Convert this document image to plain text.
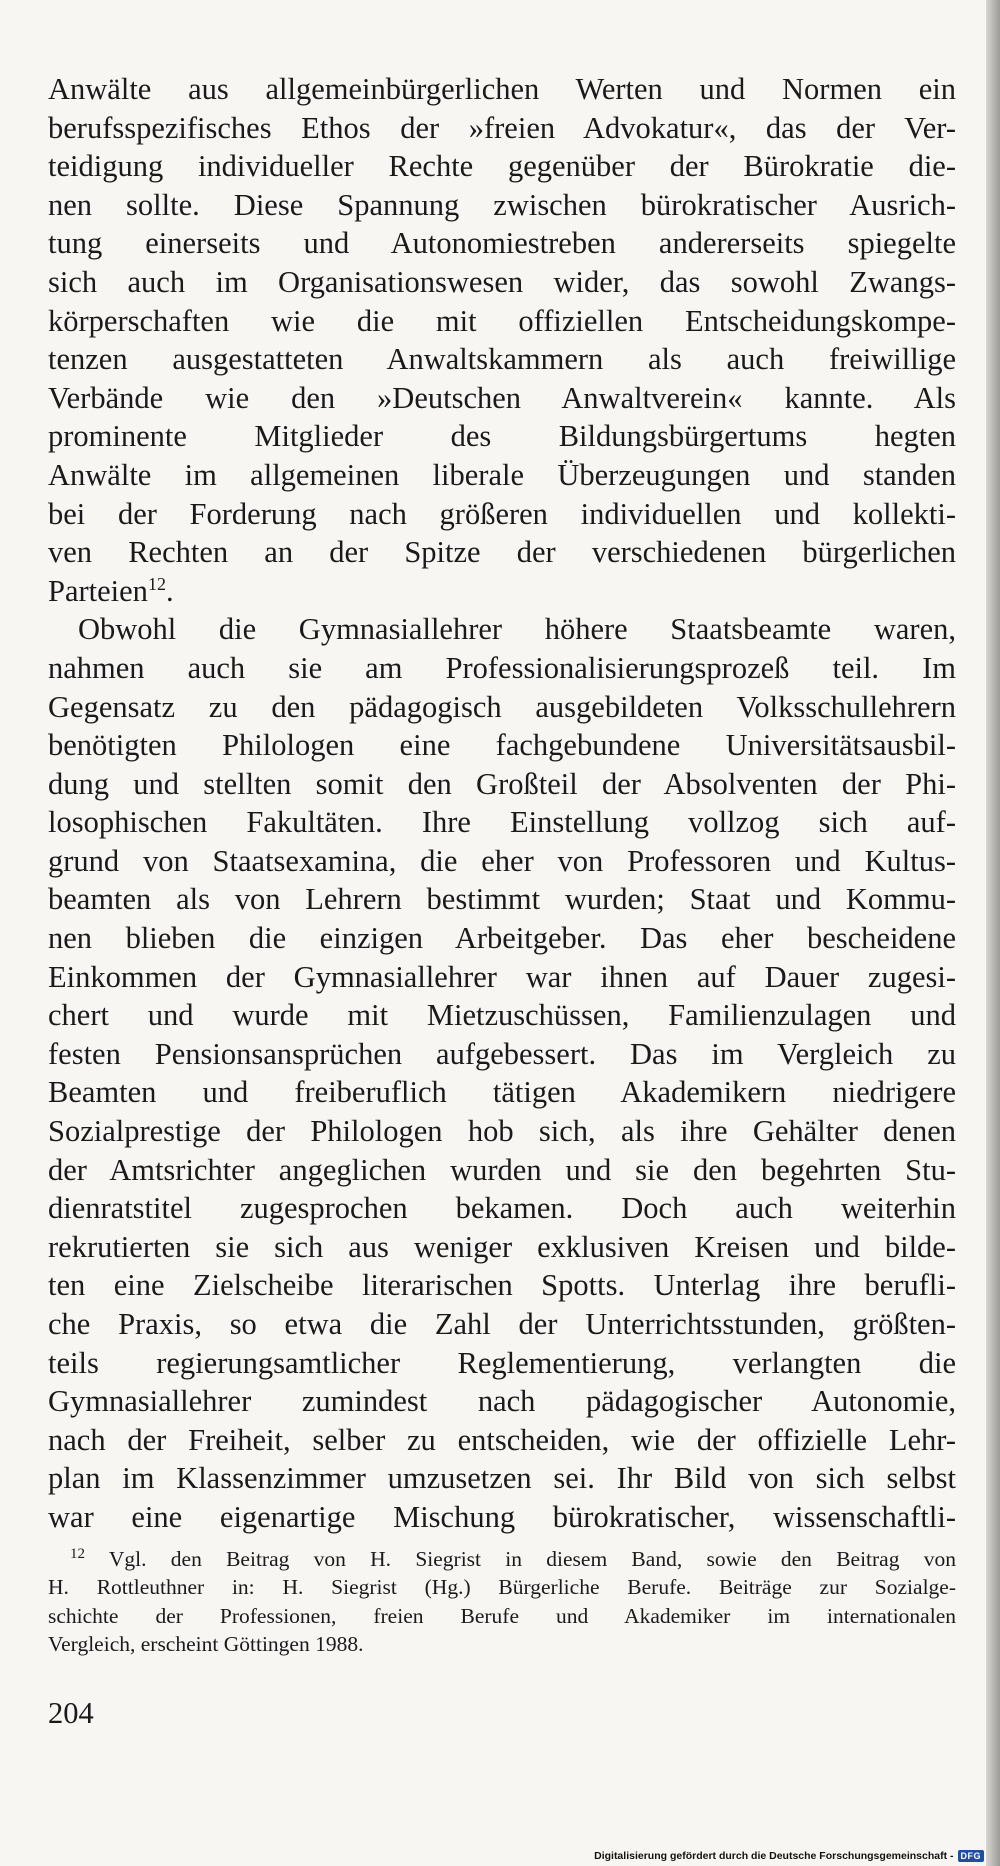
Anwälte aus allgemeinbürgerlichen Werten und Normen ein
berufsspezifisches Ethos der »freien Advokatur«, das der Ver-
teidigung individueller Rechte gegenüber der Bürokratie die-
nen sollte. Diese Spannung zwischen bürokratischer Ausrich-
tung einerseits und Autonomiestreben andererseits spiegelte
sich auch im Organisationswesen wider, das sowohl Zwangs-
körperschaften wie die mit offiziellen Entscheidungskompe-
tenzen ausgestatteten Anwaltskammern als auch freiwillige
Verbände wie den »Deutschen Anwaltverein« kannte. Als
prominente Mitglieder des Bildungsbürgertums hegten
Anwälte im allgemeinen liberale Überzeugungen und standen
bei der Forderung nach größeren individuellen und kollekti-
ven Rechten an der Spitze der verschiedenen bürgerlichen
Parteien$^{12}$.

Obwohl die Gymnasiallehrer höhere Staatsbeamte waren,
nahmen auch sie am Professionalisierungsprozeß teil. Im
Gegensatz zu den pädagogisch ausgebildeten Volksschullehrern
benötigten Philologen eine fachgebundene Universitätsausbil-
dung und stellten somit den Großteil der Absolventen der Phi-
losophischen Fakultäten. Ihre Einstellung vollzog sich auf-
grund von Staatsexamina, die eher von Professoren und Kultus-
beamten als von Lehrern bestimmt wurden; Staat und Kommu-
nen blieben die einzigen Arbeitgeber. Das eher bescheidene
Einkommen der Gymnasiallehrer war ihnen auf Dauer zugesi-
chert und wurde mit Mietzuschüssen, Familienzulagen und
festen Pensionsansprüchen aufgebessert. Das im Vergleich zu
Beamten und freiberuflich tätigen Akademikern niedrigere
Sozialprestige der Philologen hob sich, als ihre Gehälter denen
der Amtsrichter angeglichen wurden und sie den begehrten Stu-
dienratstitel zugesprochen bekamen. Doch auch weiterhin
rekrutierten sie sich aus weniger exklusiven Kreisen und bilde-
ten eine Zielscheibe literarischen Spotts. Unterlag ihre berufli-
che Praxis, so etwa die Zahl der Unterrichtsstunden, größten-
teils regierungsamtlicher Reglementierung, verlangten die
Gymnasiallehrer zumindest nach pädagogischer Autonomie,
nach der Freiheit, selber zu entscheiden, wie der offizielle Lehr-
plan im Klassenzimmer umzusetzen sei. Ihr Bild von sich selbst
war eine eigenartige Mischung bürokratischer, wissenschaftli-

$^{12}$ Vgl. den Beitrag von H. Siegrist in diesem Band, sowie den Beitrag von
H. Rottleuthner in: H. Siegrist (Hg.) Bürgerliche Berufe. Beiträge zur Sozialge-
schichte der Professionen, freien Berufe und Akademiker im internationalen
Vergleich, erscheint Göttingen 1988.
204
Digitalisierung gefördert durch die Deutsche Forschungsgemeinschaft - DFG
